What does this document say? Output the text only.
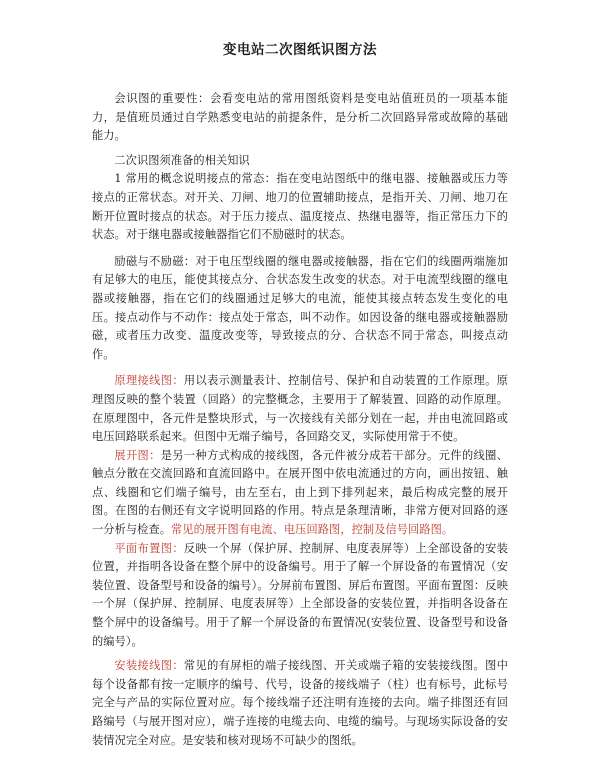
变电站二次图纸识图方法

会识图的重要性：会看变电站的常用图纸资料是变电站值班员的一项基本能力，是值班员通过自学熟悉变电站的前提条件，是分析二次回路异常或故障的基础能力。

二次识图须准备的相关知识

1 常用的概念说明接点的常态：指在变电站图纸中的继电器、接触器或压力等接点的正常状态。对开关、刀闸、地刀的位置辅助接点，是指开关、刀闸、地刀在断开位置时接点的状态。对于压力接点、温度接点、热继电器等，指正常压力下的状态。对于继电器或接触器指它们不励磁时的状态。

励磁与不励磁：对于电压型线圈的继电器或接触器，指在它们的线圈两端施加有足够大的电压，能使其接点分、合状态发生改变的状态。对于电流型线圈的继电器或接触器，指在它们的线圈通过足够大的电流，能使其接点转态发生变化的电压。接点动作与不动作：接点处于常态，叫不动作。如因设备的继电器或接触器励磁，或者压力改变、温度改变等，导致接点的分、合状态不同于常态，叫接点动作。

原理接线图：用以表示测量表计、控制信号、保护和自动装置的工作原理。原理图反映的整个装置（回路）的完整概念，主要用于了解装置、回路的动作原理。在原理图中，各元件是整块形式，与一次接线有关部分划在一起，并由电流回路或电压回路联系起来。但图中无端子编号，各回路交叉，实际使用常于不使。

展开图：是另一种方式构成的接线图，各元件被分成若干部分。元件的线圈、触点分散在交流回路和直流回路中。在展开图中依电流通过的方向，画出按钮、触点、线圈和它们端子编号，由左至右，由上到下排列起来，最后构成完整的展开图。在图的右侧还有文字说明回路的作用。特点是条理清晰，非常方便对回路的逐一分析与检查。常见的展开图有电流、电压回路图，控制及信号回路图。

平面布置图：反映一个屏（保护屏、控制屏、电度表屏等）上全部设备的安装位置，并指明各设备在整个屏中的设备编号。用于了解一个屏设备的布置情况（安装位置、设备型号和设备的编号）。分屏前布置图、屏后布置图。平面布置图：反映一个屏（保护屏、控制屏、电度表屏等）上全部设备的安装位置，并指明各设备在整个屏中的设备编号。用于了解一个屏设备的布置情况(安装位置、设备型号和设备的编号）。

安装接线图：常见的有屏柜的端子接线图、开关或端子箱的安装接线图。图中每个设备都有按一定顺序的编号、代号，设备的接线端子（柱）也有标号，此标号完全与产品的实际位置对应。每个接线端子还注明有连接的去向。端子排图还有回路编号（与展开图对应），端子连接的电缆去向、电缆的编号。与现场实际设备的安装情况完全对应。是安装和核对现场不可缺少的图纸。
